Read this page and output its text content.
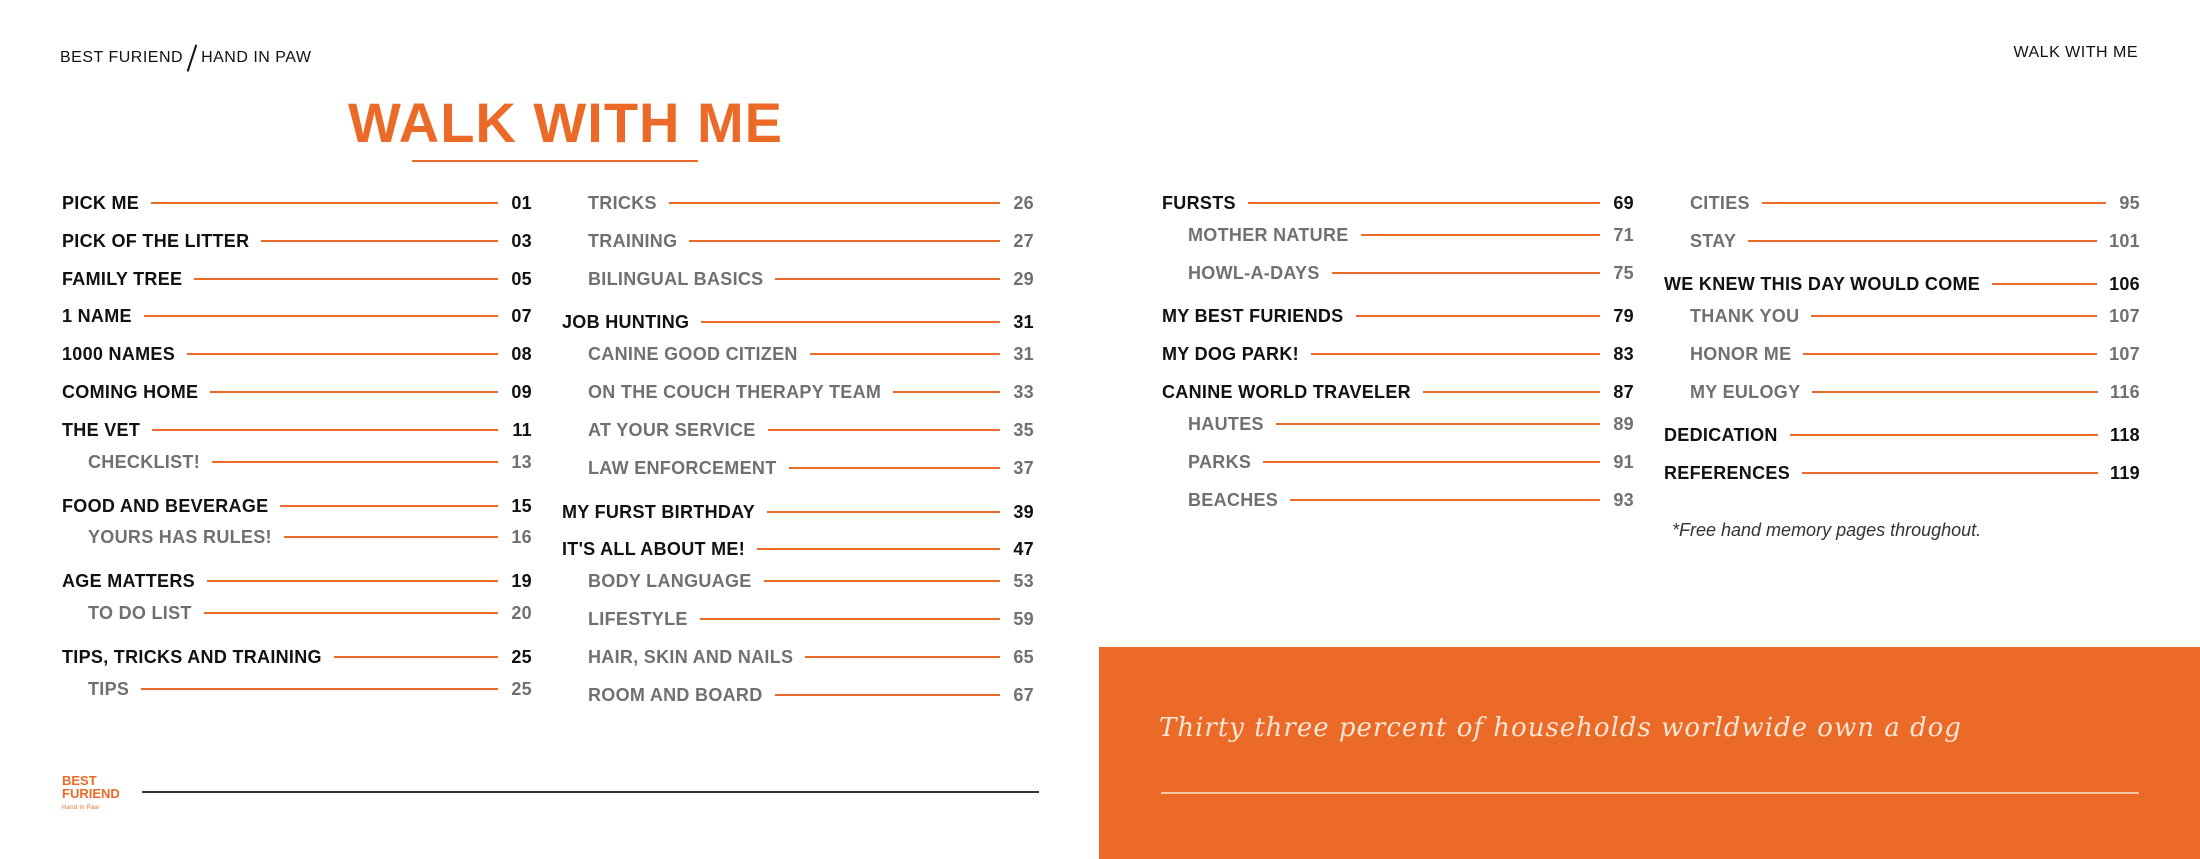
BEST FURIEND HAND IN PAW	WALK WITH ME
WALK WITH ME
PICK ME	01
PICK OF THE LITTER	03
FAMILY TREE	05
1 NAME	07
1000 NAMES	08
COMING HOME	09
THE VET	11
CHECKLIST!	13
FOOD AND BEVERAGE	15
YOURS HAS RULES!	16
AGE MATTERS	19
TO DO LIST	20
TIPS, TRICKS AND TRAINING	25
TIPS	25
TRICKS	26
TRAINING	27
BILINGUAL BASICS	29
JOB HUNTING	31
CANINE GOOD CITIZEN	31
ON THE COUCH THERAPY TEAM	33
AT YOUR SERVICE	35
LAW ENFORCEMENT	37
MY FURST BIRTHDAY	39
IT'S ALL ABOUT ME!	47
BODY LANGUAGE	53
LIFESTYLE	59
HAIR, SKIN AND NAILS	65
ROOM AND BOARD	67
FURSTS	69
MOTHER NATURE	71
HOWL-A-DAYS	75
MY BEST FURIENDS	79
MY DOG PARK!	83
CANINE WORLD TRAVELER	87
HAUTES	89
PARKS	91
BEACHES	93
CITIES	95
STAY	101
WE KNEW THIS DAY WOULD COME	106
THANK YOU	107
HONOR ME	107
MY EULOGY	116
DEDICATION	118
REFERENCES	119
*Free hand memory pages throughout.
BEST
FURIEND
Hand in Paw
Thirty three percent of households worldwide own a dog
